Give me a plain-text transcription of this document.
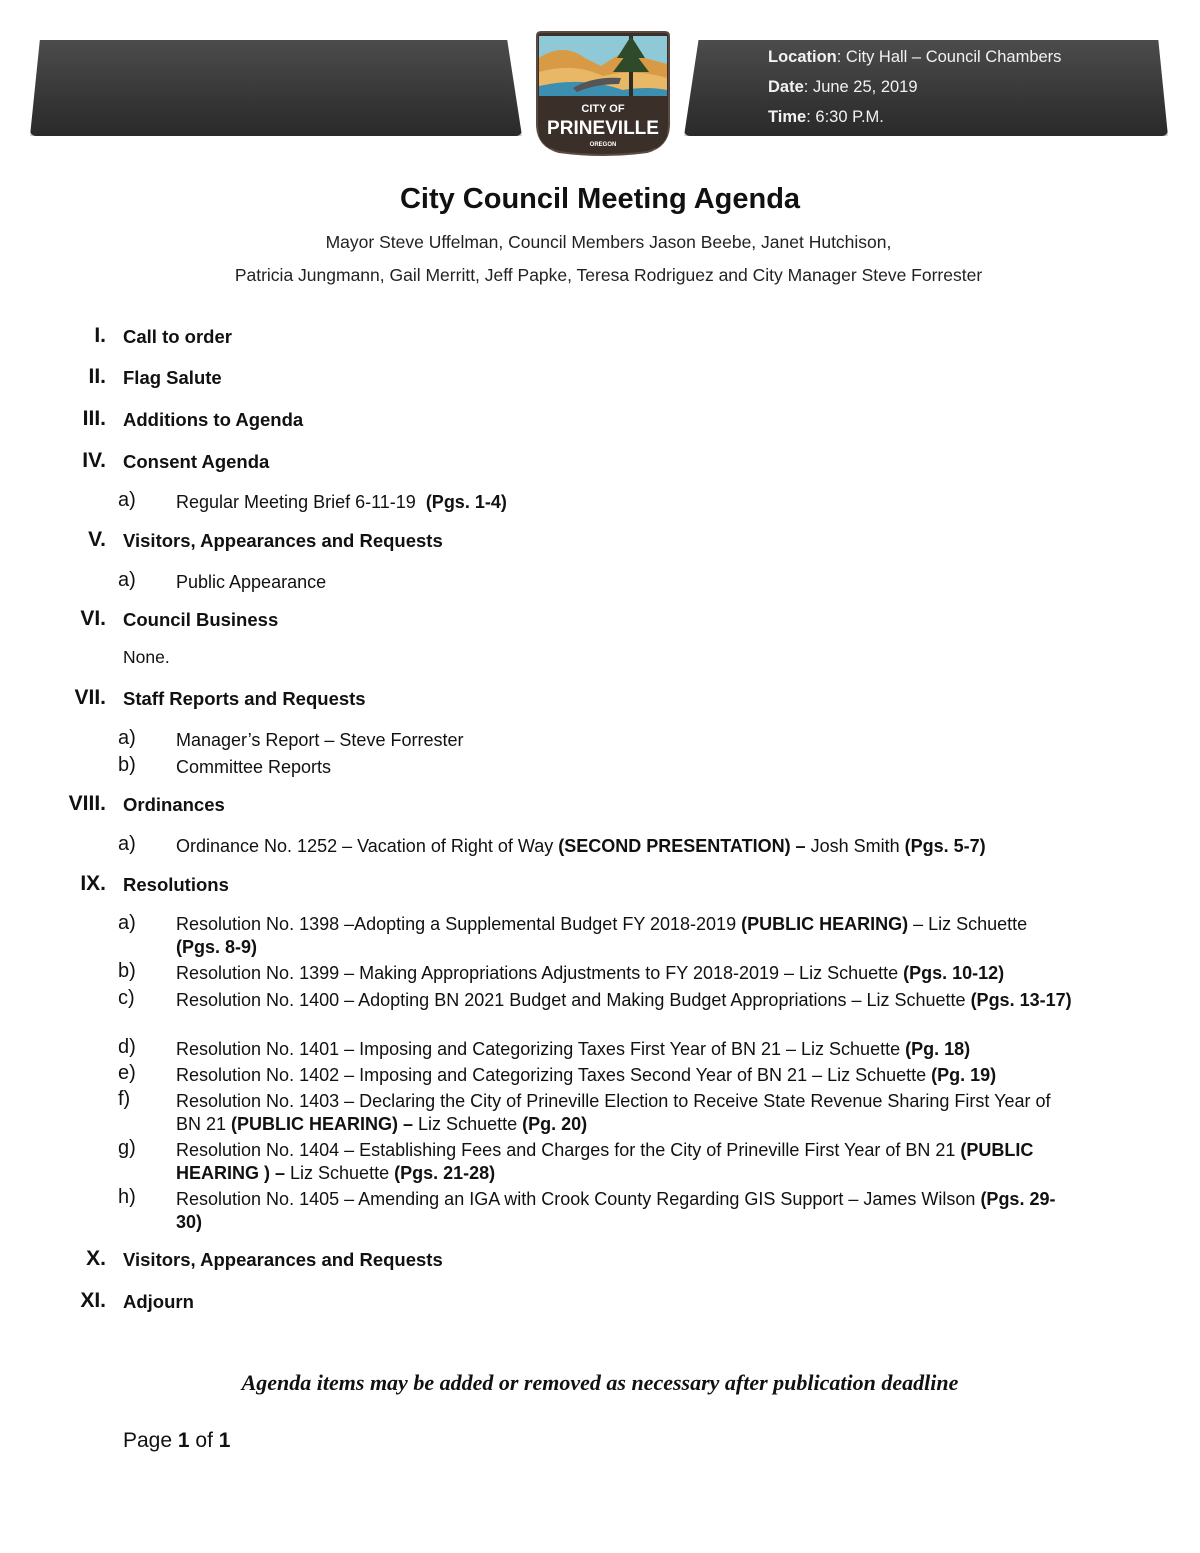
Location: City Hall – Council Chambers
Date: June 25, 2019
Time: 6:30 P.M.
CITY OF
PRINEVILLE
OREGON
City Council Meeting Agenda
Mayor Steve Uffelman, Council Members Jason Beebe, Janet Hutchison,
Patricia Jungmann, Gail Merritt, Jeff Papke, Teresa Rodriguez and City Manager Steve Forrester
I. Call to order
II. Flag Salute
III. Additions to Agenda
IV. Consent Agenda
a) Regular Meeting Brief 6-11-19 (Pgs. 1-4)
V. Visitors, Appearances and Requests
a) Public Appearance
VI. Council Business
None.
VII. Staff Reports and Requests
a) Manager’s Report – Steve Forrester
b) Committee Reports
VIII. Ordinances
a) Ordinance No. 1252 – Vacation of Right of Way (SECOND PRESENTATION) – Josh Smith (Pgs. 5-7)
IX. Resolutions
a) Resolution No. 1398 –Adopting a Supplemental Budget FY 2018-2019 (PUBLIC HEARING) – Liz Schuette (Pgs. 8-9)
b) Resolution No. 1399 – Making Appropriations Adjustments to FY 2018-2019 – Liz Schuette (Pgs. 10-12)
c) Resolution No. 1400 – Adopting BN 2021 Budget and Making Budget Appropriations – Liz Schuette (Pgs. 13-17)
d) Resolution No. 1401 – Imposing and Categorizing Taxes First Year of BN 21 – Liz Schuette (Pg. 18)
e) Resolution No. 1402 – Imposing and Categorizing Taxes Second Year of BN 21 – Liz Schuette (Pg. 19)
f)	Resolution No. 1403 – Declaring the City of Prineville Election to Receive State Revenue Sharing First Year of BN 21 (PUBLIC HEARING) – Liz Schuette (Pg. 20)
g) Resolution No. 1404 – Establishing Fees and Charges for the City of Prineville First Year of BN 21 (PUBLIC HEARING ) – Liz Schuette (Pgs. 21-28)
h) Resolution No. 1405 – Amending an IGA with Crook County Regarding GIS Support – James Wilson (Pgs. 29-30)
X. Visitors, Appearances and Requests
XI. Adjourn
Agenda items may be added or removed as necessary after publication deadline
Page 1 of 1
